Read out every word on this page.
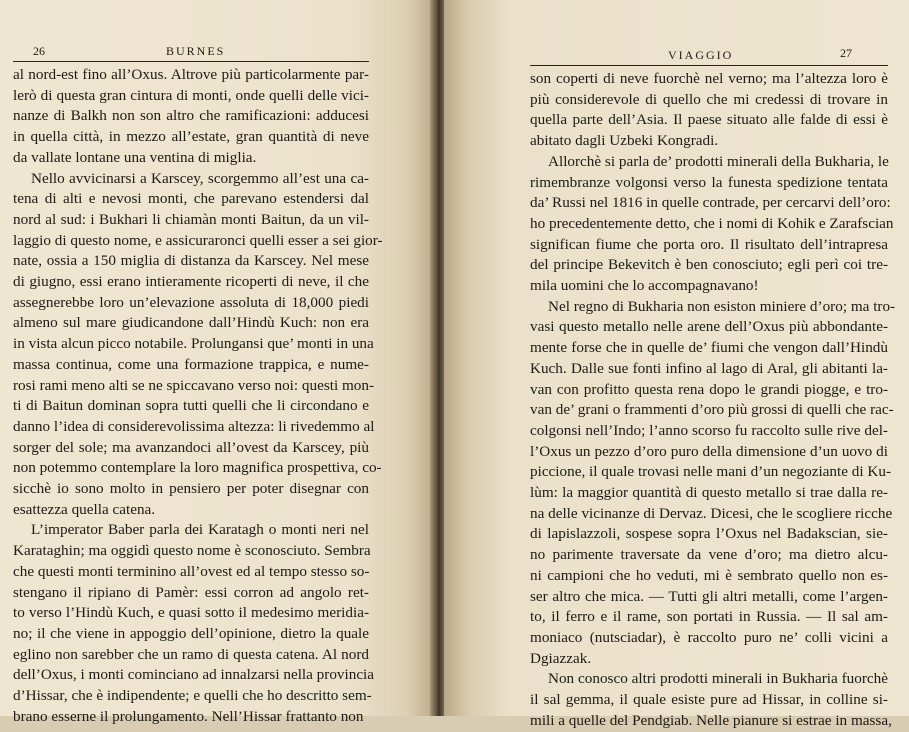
26	BURNES
al nord-est fino all’Oxus. Altrove più particolarmente par-
lerò di questa gran cintura di monti, onde quelli delle vici-
nanze di Balkh non son altro che ramificazioni: adducesi
in quella città, in mezzo all’estate, gran quantità di neve
da vallate lontane una ventina di miglia.
Nello avvicinarsi a Karscey, scorgemmo all’est una ca-
tena di alti e nevosi monti, che parevano estendersi dal
nord al sud: i Bukhari li chiamàn monti Baitun, da un vil-
laggio di questo nome, e assicuraronci quelli esser a sei gior-
nate, ossia a 150 miglia di distanza da Karscey. Nel mese
di giugno, essi erano intieramente ricoperti di neve, il che
assegnerebbe loro un’elevazione assoluta di 18,000 piedi
almeno sul mare giudicandone dall’Hindù Kuch: non era
in vista alcun picco notabile. Prolungansi que’ monti in una
massa continua, come una formazione trappica, e nume-
rosi rami meno alti se ne spiccavano verso noi: questi mon-
ti di Baitun dominan sopra tutti quelli che li circondano e
danno l’idea di considerevolissima altezza: li rivedemmo al
sorger del sole; ma avanzandoci all’ovest da Karscey, più
non potemmo contemplare la loro magnifica prospettiva, co-
sicchè io sono molto in pensiero per poter disegnar con
esattezza quella catena.
L’imperator Baber parla dei Karatagh o monti neri nel
Karataghin; ma oggidì questo nome è sconosciuto. Sembra
che questi monti terminino all’ovest ed al tempo stesso so-
stengano il ripiano di Pamèr: essi corron ad angolo ret-
to verso l’Hindù Kuch, e quasi sotto il medesimo meridia-
no; il che viene in appoggio dell’opinione, dietro la quale
eglino non sarebber che un ramo di questa catena. Al nord
dell’Oxus, i monti cominciano ad innalzarsi nella provincia
d’Hissar, che è indipendente; e quelli che ho descritto sem-
brano esserne il prolungamento. Nell’Hissar frattanto non
VIAGGIO	27
son coperti di neve fuorchè nel verno; ma l’altezza loro è
più considerevole di quello che mi credessi di trovare in
quella parte dell’Asia. Il paese situato alle falde di essi è
abitato dagli Uzbeki Kongradi.
Allorchè si parla de’ prodotti minerali della Bukharia, le
rimembranze volgonsi verso la funesta spedizione tentata
da’ Russi nel 1816 in quelle contrade, per cercarvi dell’oro:
ho precedentemente detto, che i nomi di Kohik e Zarafscian
significan fiume che porta oro. Il risultato dell’intrapresa
del principe Bekevitch è ben conosciuto; egli perì coi tre-
mila uomini che lo accompagnavano!
Nel regno di Bukharia non esiston miniere d’oro; ma tro-
vasi questo metallo nelle arene dell’Oxus più abbondante-
mente forse che in quelle de’ fiumi che vengon dall’Hindù
Kuch. Dalle sue fonti infino al lago di Aral, gli abitanti la-
van con profitto questa rena dopo le grandi piogge, e tro-
van de’ grani o frammenti d’oro più grossi di quelli che rac-
colgonsi nell’Indo; l’anno scorso fu raccolto sulle rive del-
l’Oxus un pezzo d’oro puro della dimensione d’un uovo di
piccione, il quale trovasi nelle mani d’un negoziante di Ku-
lùm: la maggior quantità di questo metallo si trae dalla re-
na delle vicinanze di Dervaz. Dicesi, che le scogliere ricche
di lapislazzoli, sospese sopra l’Oxus nel Badakscian, sie-
no parimente traversate da vene d’oro; ma dietro alcu-
ni campioni che ho veduti, mi è sembrato quello non es-
ser altro che mica. — Tutti gli altri metalli, come l’argen-
to, il ferro e il rame, son portati in Russia. — Il sal am-
moniaco (nutsciadar), è raccolto puro ne’ colli vicini a
Dgiazzak.
Non conosco altri prodotti minerali in Bukharia fuorchè
il sal gemma, il quale esiste pure ad Hissar, in colline si-
mili a quelle del Pendgiab. Nelle pianure si estrae in massa,
